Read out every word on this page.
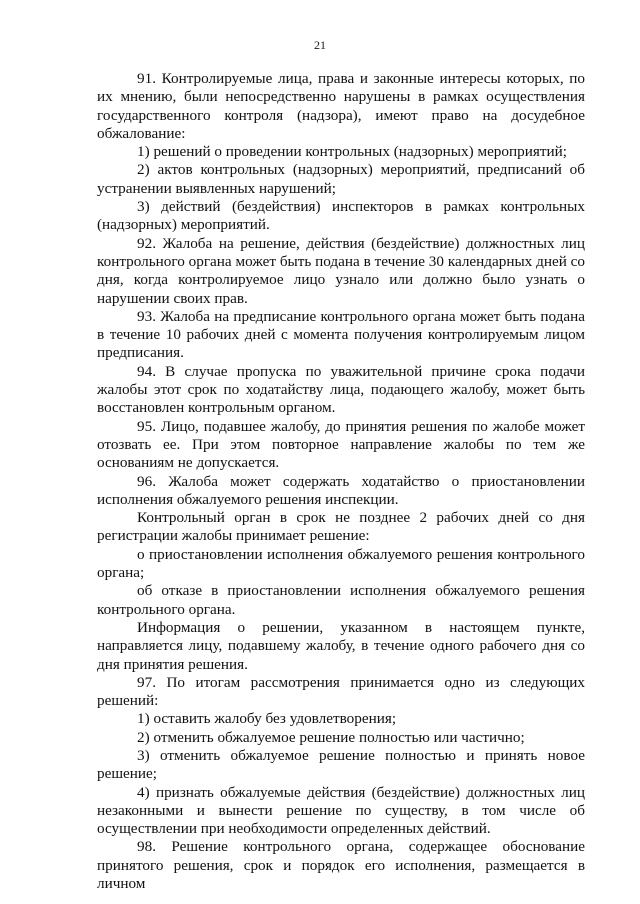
21

91. Контролируемые лица, права и законные интересы которых, по их мнению, были непосредственно нарушены в рамках осуществления государственного контроля (надзора), имеют право на досудебное обжалование:

1) решений о проведении контрольных (надзорных) мероприятий;

2) актов контрольных (надзорных) мероприятий, предписаний об устранении выявленных нарушений;

3) действий (бездействия) инспекторов в рамках контрольных (надзорных) мероприятий.

92. Жалоба на решение, действия (бездействие) должностных лиц контрольного органа может быть подана в течение 30 календарных дней со дня, когда контролируемое лицо узнало или должно было узнать о нарушении своих прав.

93. Жалоба на предписание контрольного органа может быть подана в течение 10 рабочих дней с момента получения контролируемым лицом предписания.

94. В случае пропуска по уважительной причине срока подачи жалобы этот срок по ходатайству лица, подающего жалобу, может быть восстановлен контрольным органом.

95. Лицо, подавшее жалобу, до принятия решения по жалобе может отозвать ее. При этом повторное направление жалобы по тем же основаниям не допускается.

96. Жалоба может содержать ходатайство о приостановлении исполнения обжалуемого решения инспекции.

Контрольный орган в срок не позднее 2 рабочих дней со дня регистрации жалобы принимает решение:

о приостановлении исполнения обжалуемого решения контрольного органа;

об отказе в приостановлении исполнения обжалуемого решения контрольного органа.

Информация о решении, указанном в настоящем пункте, направляется лицу, подавшему жалобу, в течение одного рабочего дня со дня принятия решения.

97. По итогам рассмотрения принимается одно из следующих решений:

1) оставить жалобу без удовлетворения;

2) отменить обжалуемое решение полностью или частично;

3) отменить обжалуемое решение полностью и принять новое решение;

4) признать обжалуемые действия (бездействие) должностных лиц незаконными и вынести решение по существу, в том числе об осуществлении при необходимости определенных действий.

98. Решение контрольного органа, содержащее обоснование принятого решения, срок и порядок его исполнения, размещается в личном
